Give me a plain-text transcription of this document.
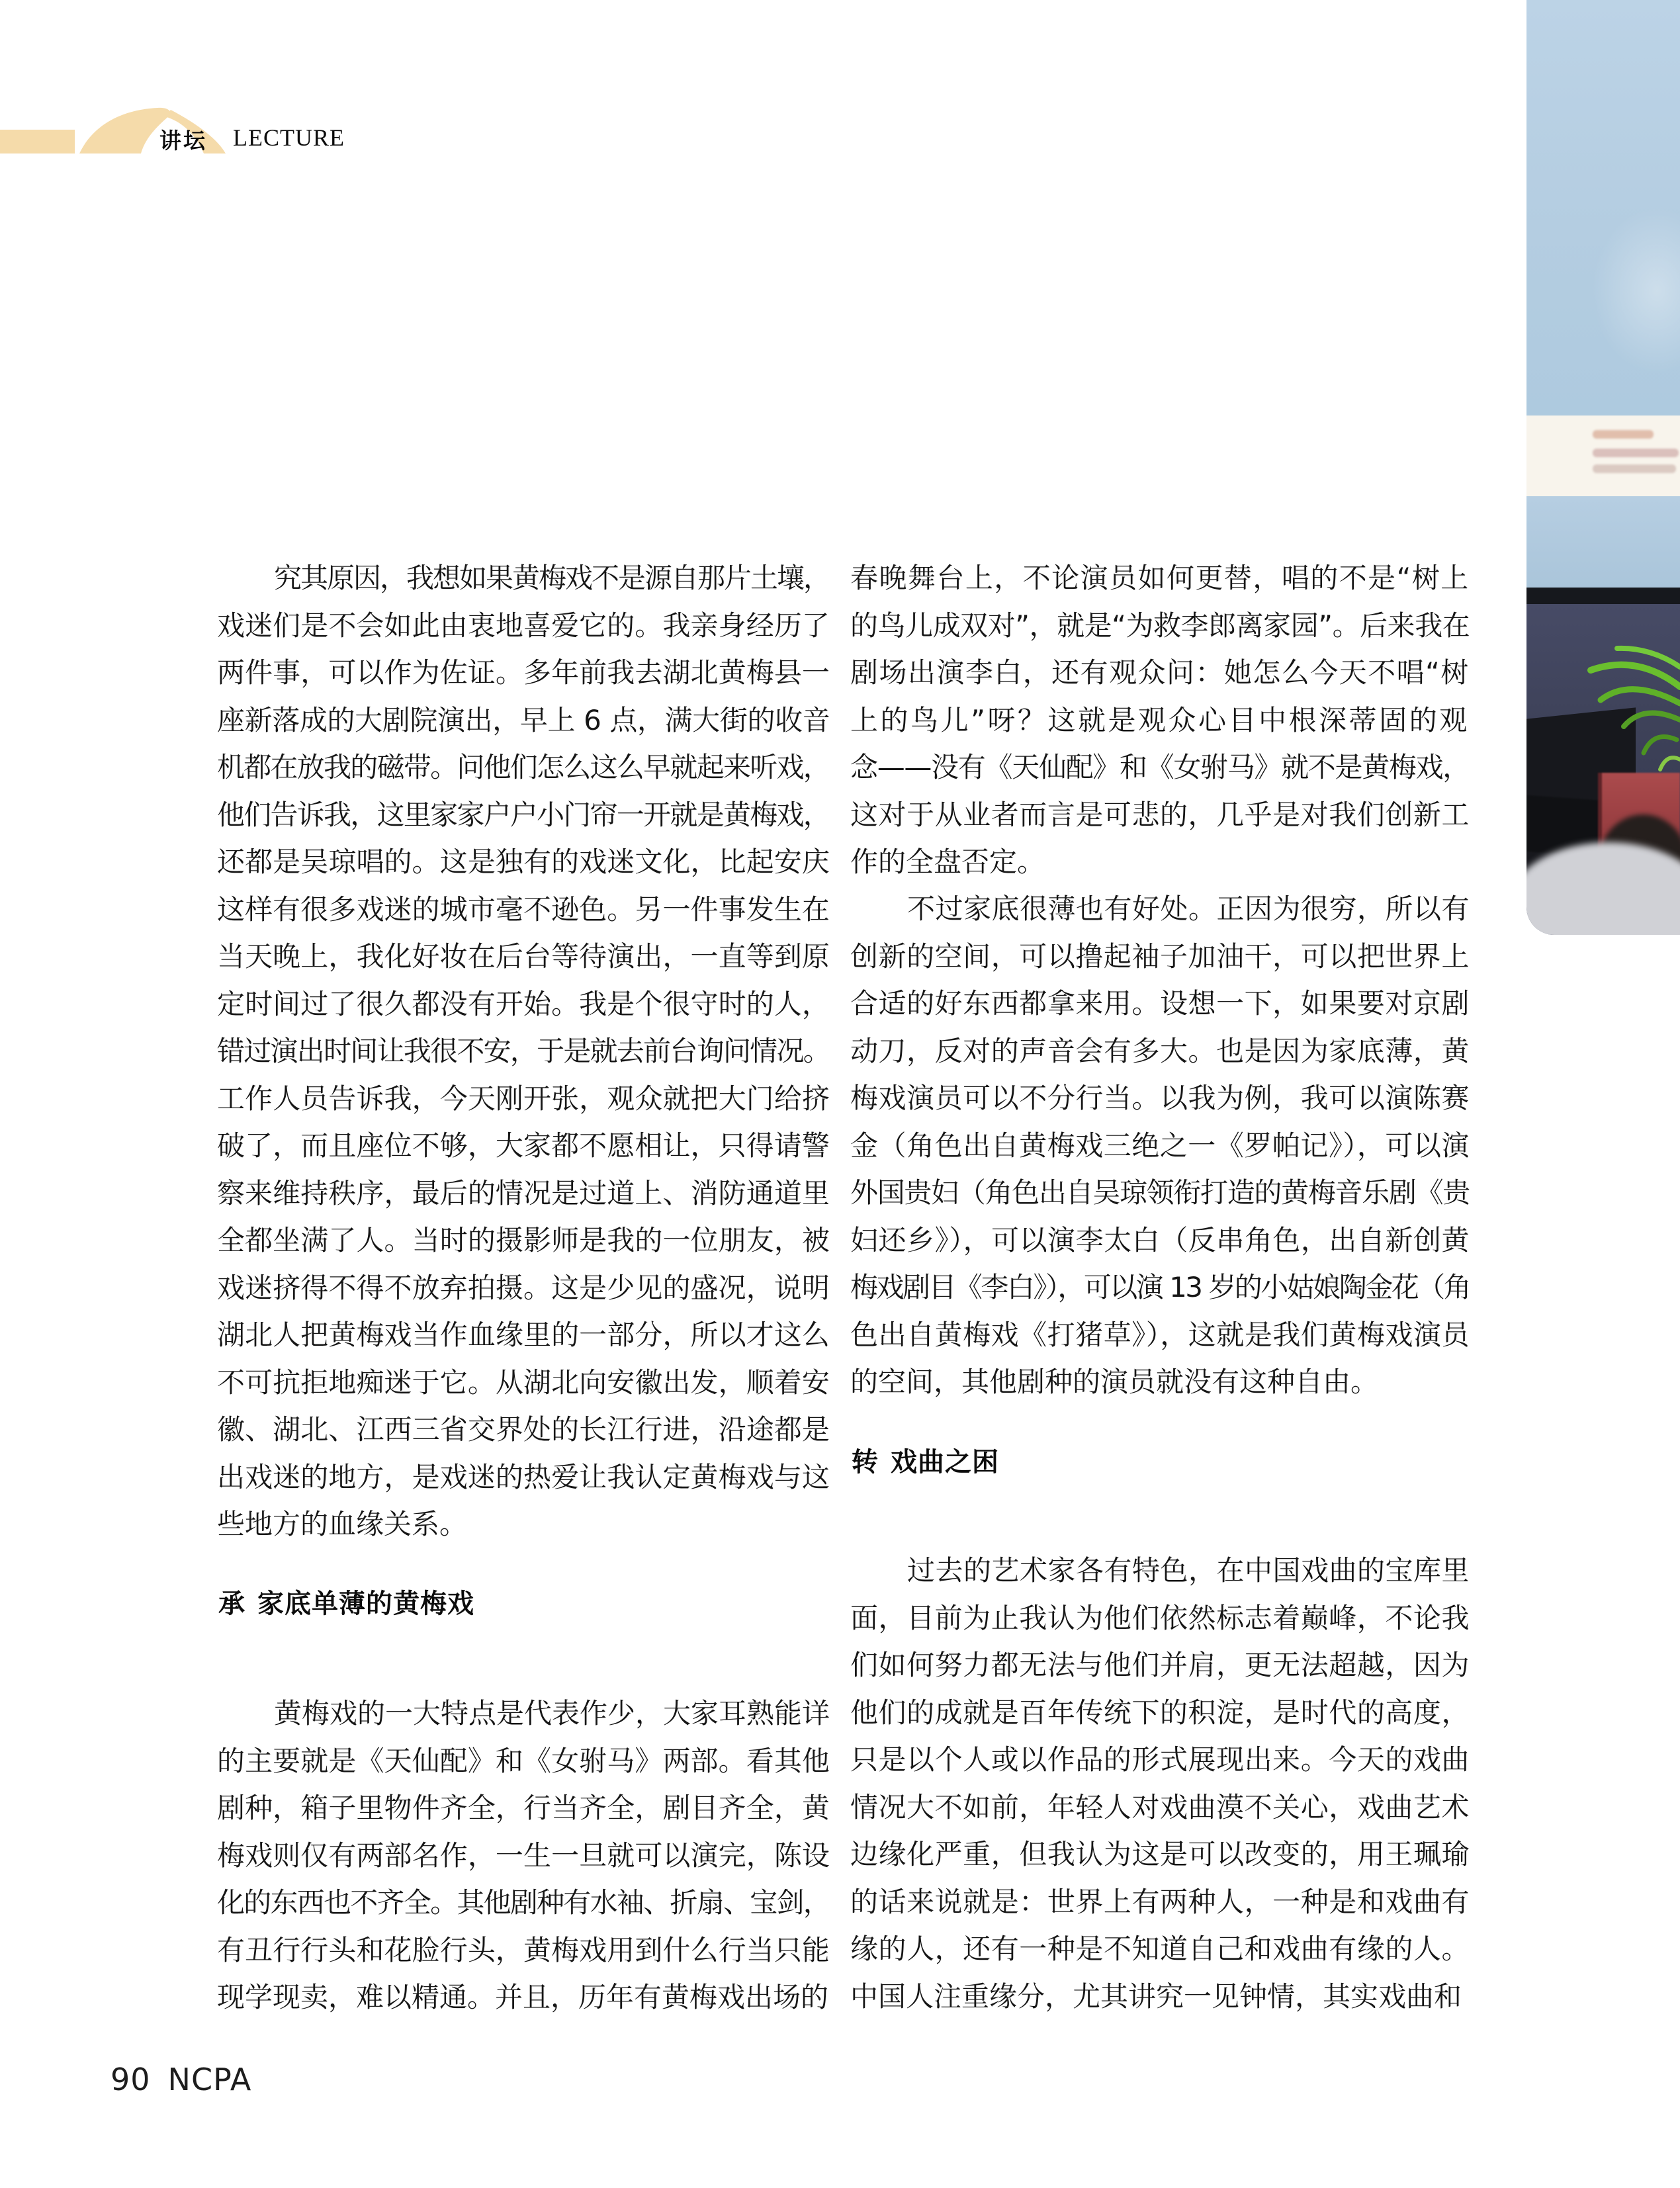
讲坛 LECTURE
究其原因，我想如果黄梅戏不是源自那片土壤，
戏迷们是不会如此由衷地喜爱它的。我亲身经历了
两件事，可以作为佐证。多年前我去湖北黄梅县一
座新落成的大剧院演出，早上 6 点，满大街的收音
机都在放我的磁带。问他们怎么这么早就起来听戏，
他们告诉我，这里家家户户小门帘一开就是黄梅戏，
还都是吴琼唱的。这是独有的戏迷文化，比起安庆
这样有很多戏迷的城市毫不逊色。另一件事发生在
当天晚上，我化好妆在后台等待演出，一直等到原
定时间过了很久都没有开始。我是个很守时的人，
错过演出时间让我很不安，于是就去前台询问情况。
工作人员告诉我，今天刚开张，观众就把大门给挤
破了，而且座位不够，大家都不愿相让，只得请警
察来维持秩序，最后的情况是过道上、消防通道里
全都坐满了人。当时的摄影师是我的一位朋友，被
戏迷挤得不得不放弃拍摄。这是少见的盛况，说明
湖北人把黄梅戏当作血缘里的一部分，所以才这么
不可抗拒地痴迷于它。从湖北向安徽出发，顺着安
徽、湖北、江西三省交界处的长江行进，沿途都是
出戏迷的地方，是戏迷的热爱让我认定黄梅戏与这
些地方的血缘关系。
承 家底单薄的黄梅戏
黄梅戏的一大特点是代表作少，大家耳熟能详
的主要就是《天仙配》和《女驸马》两部。看其他
剧种，箱子里物件齐全，行当齐全，剧目齐全，黄
梅戏则仅有两部名作，一生一旦就可以演完，陈设
化的东西也不齐全。其他剧种有水袖、折扇、宝剑，
有丑行行头和花脸行头，黄梅戏用到什么行当只能
现学现卖，难以精通。并且，历年有黄梅戏出场的
春晚舞台上，不论演员如何更替，唱的不是“树上
的鸟儿成双对”，就是“为救李郎离家园”。后来我在
剧场出演李白，还有观众问：她怎么今天不唱“树
上的鸟儿”呀？这就是观众心目中根深蒂固的观
念——没有《天仙配》和《女驸马》就不是黄梅戏，
这对于从业者而言是可悲的，几乎是对我们创新工
作的全盘否定。
不过家底很薄也有好处。正因为很穷，所以有
创新的空间，可以撸起袖子加油干，可以把世界上
合适的好东西都拿来用。设想一下，如果要对京剧
动刀，反对的声音会有多大。也是因为家底薄，黄
梅戏演员可以不分行当。以我为例，我可以演陈赛
金（角色出自黄梅戏三绝之一《罗帕记》），可以演
外国贵妇（角色出自吴琼领衔打造的黄梅音乐剧《贵
妇还乡》），可以演李太白（反串角色，出自新创黄
梅戏剧目《李白》），可以演 13 岁的小姑娘陶金花（角
色出自黄梅戏《打猪草》），这就是我们黄梅戏演员
的空间，其他剧种的演员就没有这种自由。
转 戏曲之困
过去的艺术家各有特色，在中国戏曲的宝库里
面，目前为止我认为他们依然标志着巅峰，不论我
们如何努力都无法与他们并肩，更无法超越，因为
他们的成就是百年传统下的积淀，是时代的高度，
只是以个人或以作品的形式展现出来。今天的戏曲
情况大不如前，年轻人对戏曲漠不关心，戏曲艺术
边缘化严重，但我认为这是可以改变的，用王珮瑜
的话来说就是：世界上有两种人，一种是和戏曲有
缘的人，还有一种是不知道自己和戏曲有缘的人。
中国人注重缘分，尤其讲究一见钟情，其实戏曲和
90 NCPA
